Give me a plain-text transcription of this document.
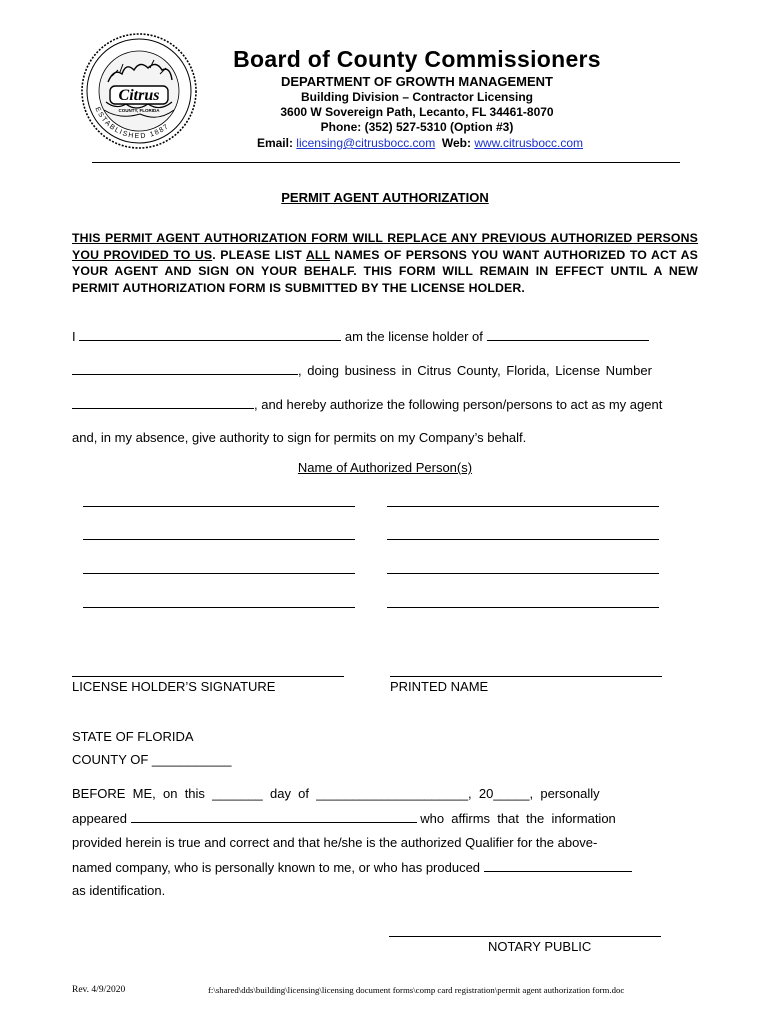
Citrus
COUNTY, FLORIDA
ESTABLISHED 1887
Board of County Commissioners
DEPARTMENT OF GROWTH MANAGEMENT
Building Division – Contractor Licensing
3600 W Sovereign Path, Lecanto, FL 34461-8070
Phone: (352) 527-5310 (Option #3)
Email: licensing@citrusbocc.com Web: www.citrusbocc.com
PERMIT AGENT AUTHORIZATION
THIS PERMIT AGENT AUTHORIZATION FORM WILL REPLACE ANY PREVIOUS AUTHORIZED PERSONS YOU PROVIDED TO US. PLEASE LIST ALL NAMES OF PERSONS YOU WANT AUTHORIZED TO ACT AS YOUR AGENT AND SIGN ON YOUR BEHALF. THIS FORM WILL REMAIN IN EFFECT UNTIL A NEW PERMIT AUTHORIZATION FORM IS SUBMITTED BY THE LICENSE HOLDER.
I	am the license holder of
, doing business in Citrus County, Florida, License Number
, and hereby authorize the following person/persons to act as my agent
and, in my absence, give authority to sign for permits on my Company’s behalf.
Name of Authorized Person(s)
LICENSE HOLDER’S SIGNATURE	PRINTED NAME
STATE OF FLORIDA
COUNTY OF ___________
BEFORE  ME,  on  this  _______  day  of  _____________________,  20_____,  personally
appeared	who  affirms  that  the  information
provided herein is true and correct and that he/she is the authorized Qualifier for the above-
named company, who is personally known to me, or who has produced
as identification.
NOTARY PUBLIC
Rev. 4/9/2020	f:\shared\dds\building\licensing\licensing document forms\comp card registration\permit agent authorization form.doc
